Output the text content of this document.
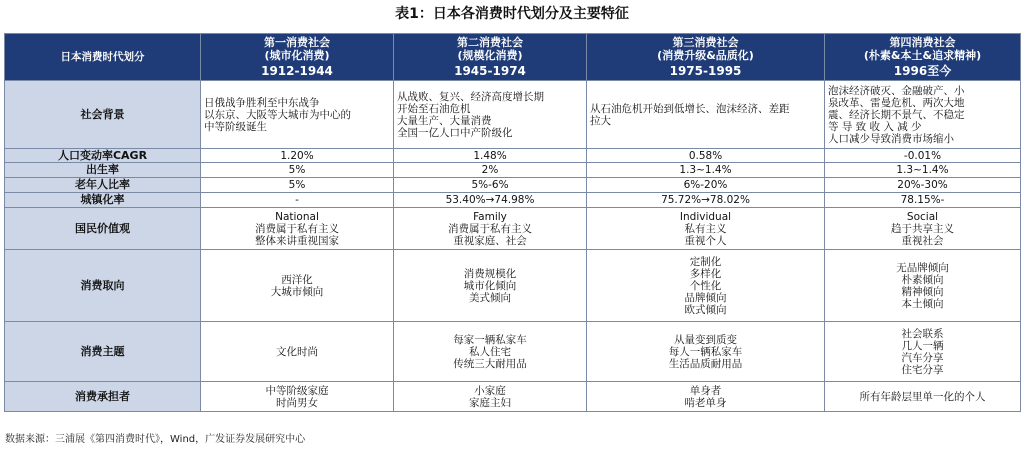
表1：日本各消费时代划分及主要特征
日本消费时代划分	第一消费社会
(城市化消费)
1912-1944	第二消费社会
(规模化消费)
1945-1974	第三消费社会
(消费升级&品质化)
1975-1995	第四消费社会
(朴素&本土&追求精神)
1996至今

社会背景	日俄战争胜利至中东战争
以东京、大阪等大城市为中心的
中等阶级诞生	从战败、复兴、经济高度增长期
开始至石油危机
大量生产、大量消费
全国一亿人口中产阶级化	从石油危机开始到低增长、泡沫经济、差距
拉大	泡沫经济破灭、金融破产、小
泉改革、雷曼危机、两次大地
震、经济长期不景气、不稳定
等 导 致 收 入 减 少
人口减少导致消费市场缩小

人口变动率CAGR	1.20%	1.48%	0.58%	-0.01%

出生率	5%	2%	1.3~1.4%	1.3~1.4%

老年人比率	5%	5%-6%	6%-20%	20%-30%

城镇化率	-	53.40%→74.98%	75.72%→78.02%	78.15%-

国民价值观	National
消费属于私有主义
整体来讲重视国家	Family
消费属于私有主义
重视家庭、社会	Individual
私有主义
重视个人	Social
趋于共享主义
重视社会

消费取向	西洋化
大城市倾向	消费规模化
城市化倾向
美式倾向	定制化
多样化
个性化
品牌倾向
欧式倾向	无品牌倾向
朴素倾向
精神倾向
本土倾向

消费主题	文化时尚	每家一辆私家车
私人住宅
传统三大耐用品	从量变到质变
每人一辆私家车
生活品质耐用品	社会联系
几人一辆
汽车分享
住宅分享

消费承担者	中等阶级家庭
时尚男女	小家庭
家庭主妇	单身者
啃老单身	所有年龄层里单一化的个人
数据来源：三浦展《第四消费时代》，Wind，广发证券发展研究中心
